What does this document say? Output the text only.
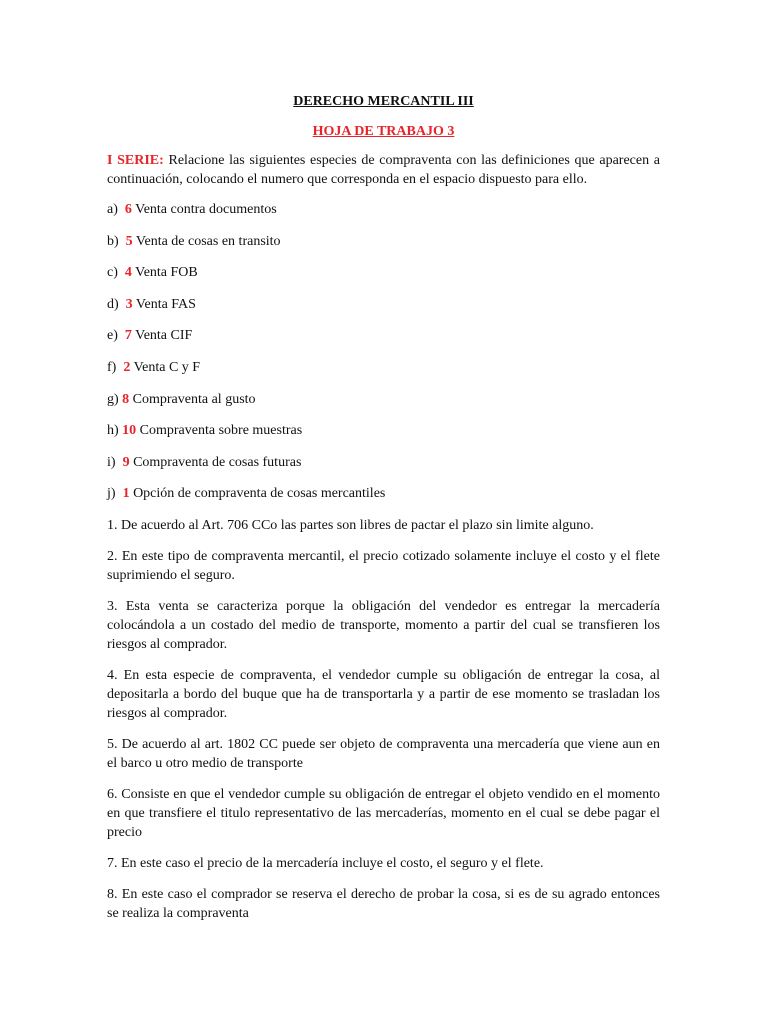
DERECHO MERCANTIL III

HOJA DE TRABAJO 3

I SERIE: Relacione las siguientes especies de compraventa con las definiciones que aparecen a continuación, colocando el numero que corresponda en el espacio dispuesto para ello.

a) 6 Venta contra documentos
b) 5 Venta de cosas en transito
c) 4 Venta FOB
d) 3 Venta FAS
e) 7 Venta CIF
f) 2 Venta C y F
g) 8 Compraventa al gusto
h) 10 Compraventa sobre muestras
i) 9 Compraventa de cosas futuras
j) 1 Opción de compraventa de cosas mercantiles

1. De acuerdo al Art. 706 CCo las partes son libres de pactar el plazo sin limite alguno.

2. En este tipo de compraventa mercantil, el precio cotizado solamente incluye el costo y el flete suprimiendo el seguro.

3. Esta venta se caracteriza porque la obligación del vendedor es entregar la mercadería colocándola a un costado del medio de transporte, momento a partir del cual se transfieren los riesgos al comprador.

4. En esta especie de compraventa, el vendedor cumple su obligación de entregar la cosa, al depositarla a bordo del buque que ha de transportarla y a partir de ese momento se trasladan los riesgos al comprador.

5. De acuerdo al art. 1802 CC puede ser objeto de compraventa una mercadería que viene aun en el barco u otro medio de transporte

6. Consiste en que el vendedor cumple su obligación de entregar el objeto vendido en el momento en que transfiere el titulo representativo de las mercaderías, momento en el cual se debe pagar el precio

7. En este caso el precio de la mercadería incluye el costo, el seguro y el flete.

8. En este caso el comprador se reserva el derecho de probar la cosa, si es de su agrado entonces se realiza la compraventa
